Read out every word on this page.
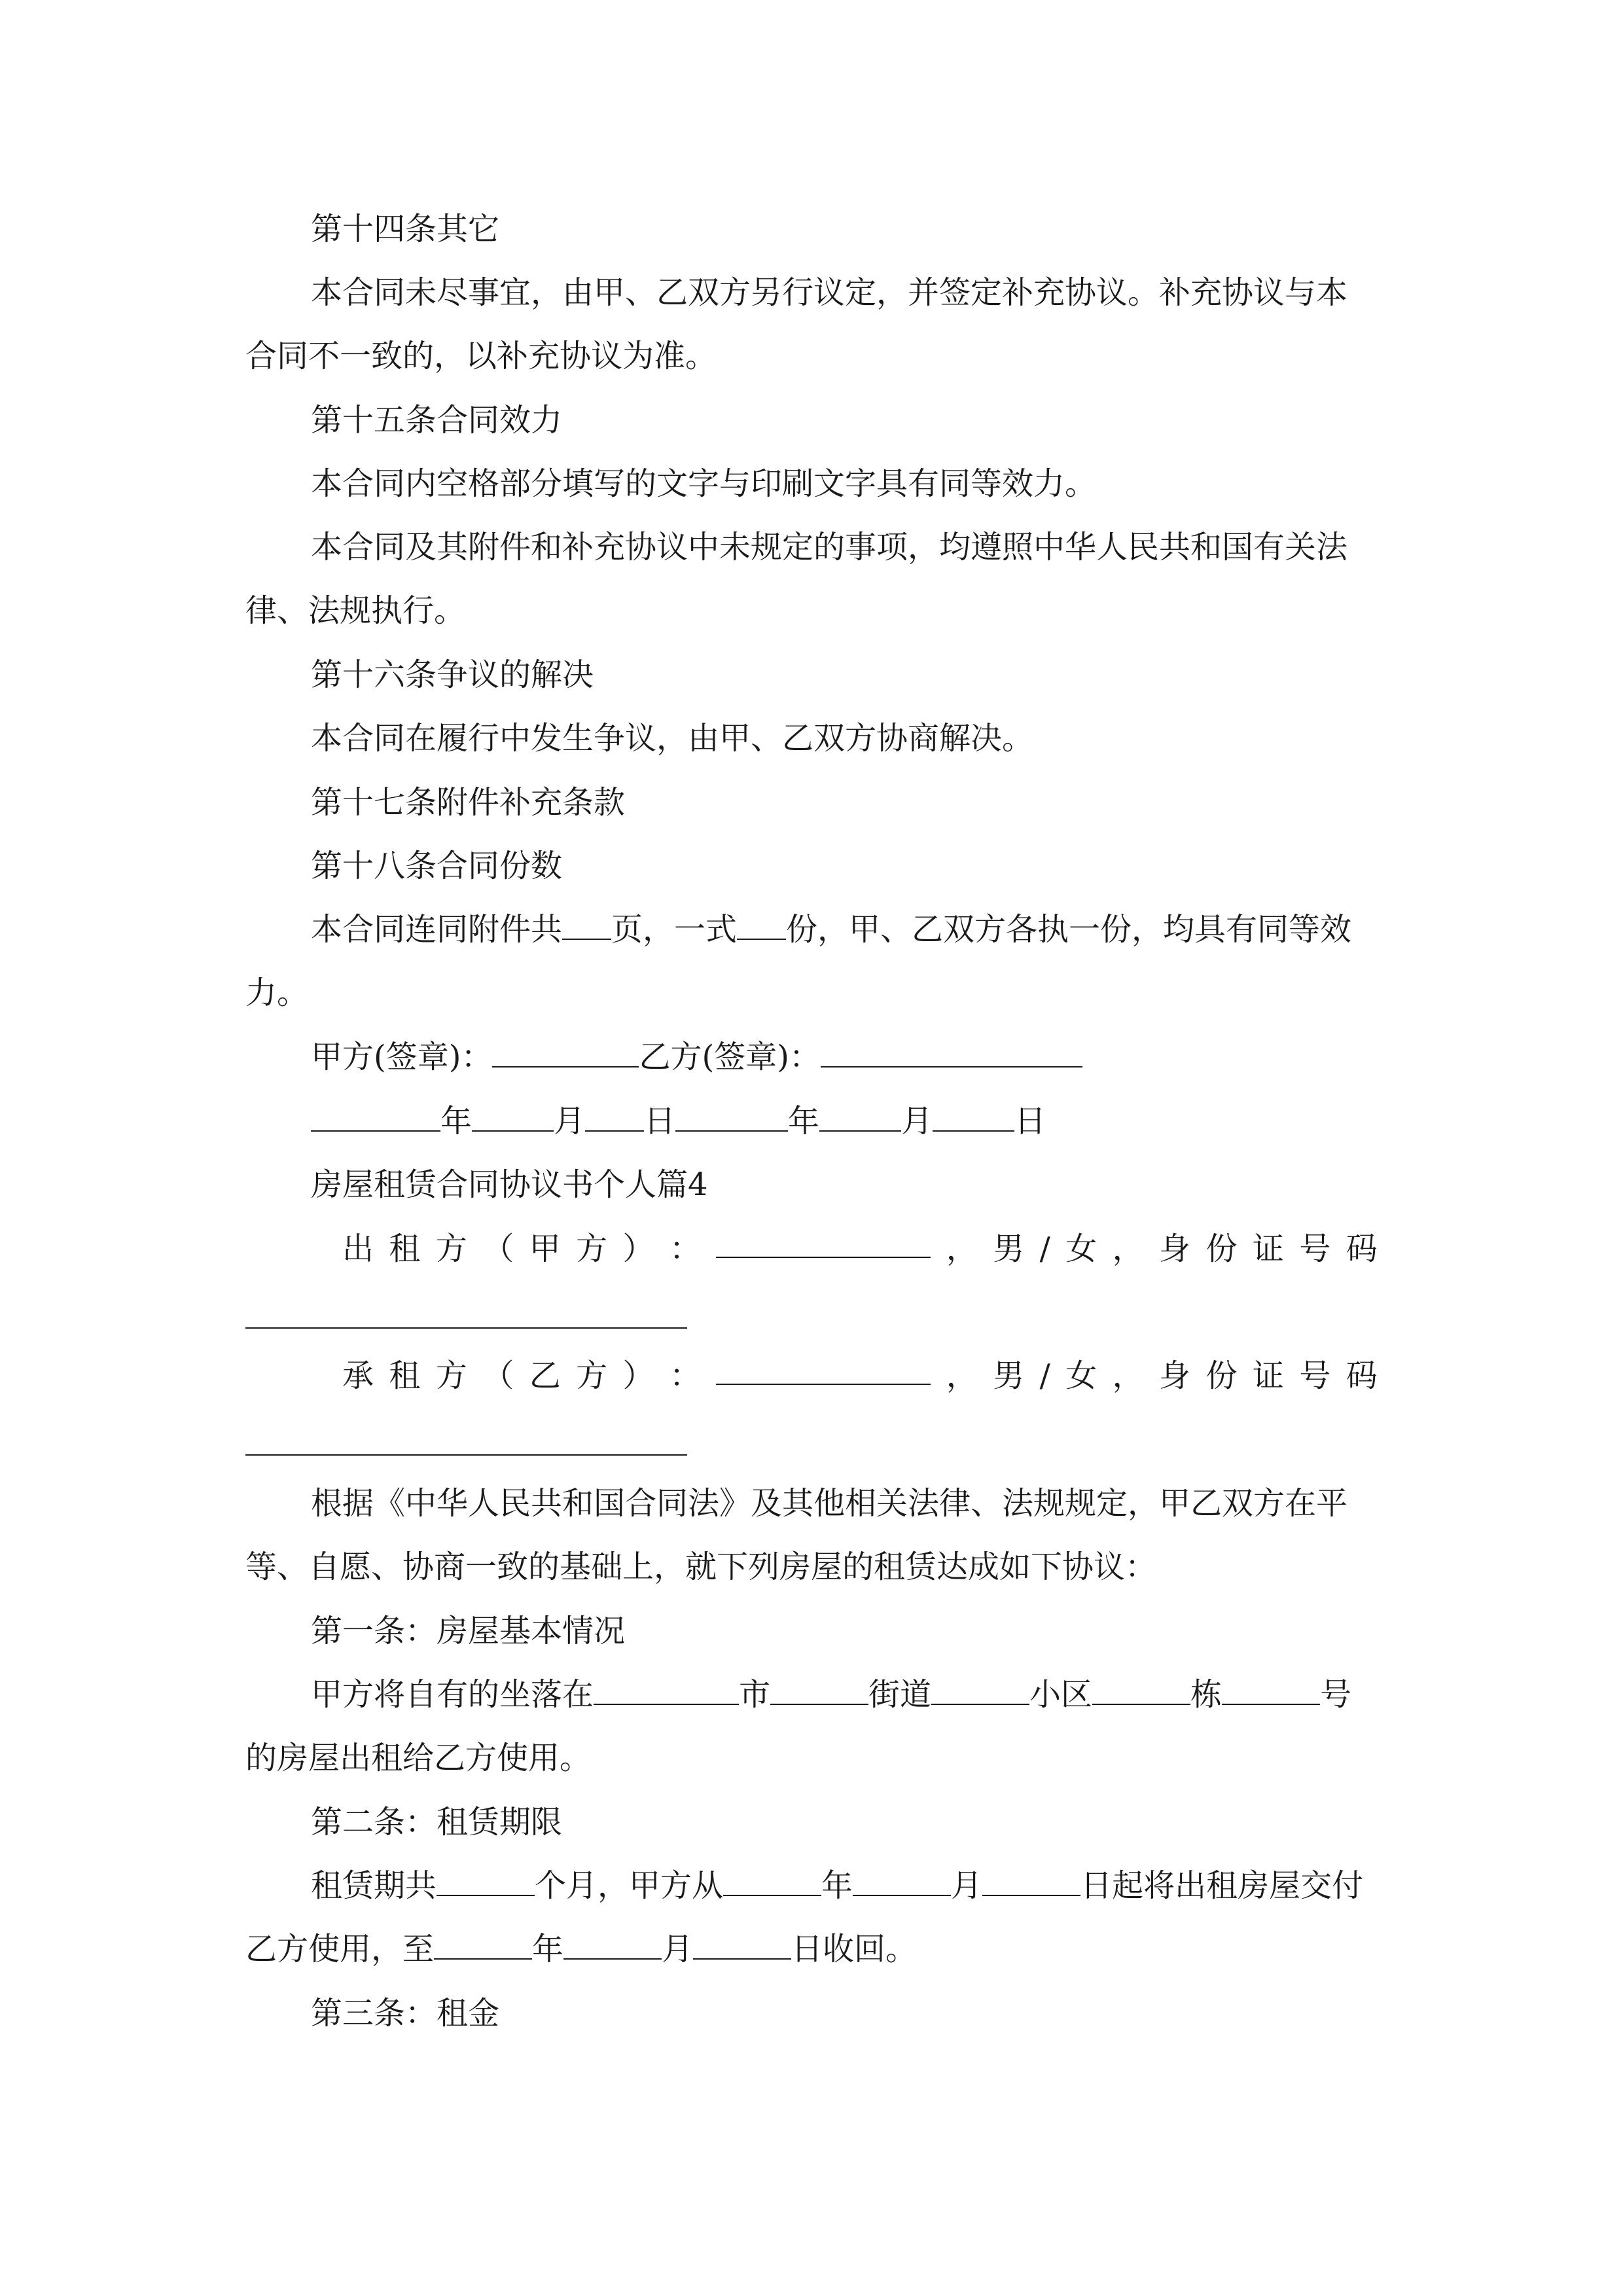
第十四条其它
本合同未尽事宜，由甲、乙双方另行议定，并签定补充协议。补充协议与本
合同不一致的，以补充协议为准。
第十五条合同效力
本合同内空格部分填写的文字与印刷文字具有同等效力。
本合同及其附件和补充协议中未规定的事项，均遵照中华人民共和国有关法
律、法规执行。
第十六条争议的解决
本合同在履行中发生争议，由甲、乙双方协商解决。
第十七条附件补充条款
第十八条合同份数
本合同连同附件共 页，一式 份，甲、乙双方各执一份，均具有同等效
力。
甲方(签章)：	乙方(签章)：
年	月 日	年	月	日
房屋租赁合同协议书个人篇4
出 租 方 （ 甲 方 ） ：	， 男 / 女 ， 身 份 证 号 码
承 租 方 （ 乙 方 ） ：	， 男 / 女 ， 身 份 证 号 码
根据《中华人民共和国合同法》及其他相关法律、法规规定，甲乙双方在平
等、自愿、协商一致的基础上，就下列房屋的租赁达成如下协议：
第一条：房屋基本情况
甲方将自有的坐落在	市	街道	小区	栋	号
的房屋出租给乙方使用。
第二条：租赁期限
租赁期共	个月，甲方从	年	月	日起将出租房屋交付
乙方使用，至	年	月	日收回。
第三条：租金
